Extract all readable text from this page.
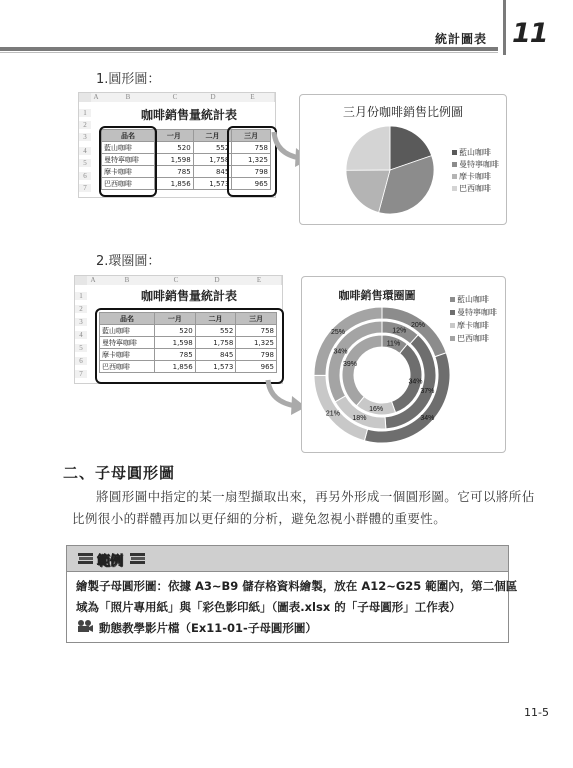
統計圖表 11
1.圓形圖：
A	B	C	D	E
1
2
3
4
5
6
7
咖啡銷售量統計表
品名	一月	二月	三月
藍山咖啡	520	552	758
曼特寧咖啡	1,598	1,758	1,325
摩卡咖啡	785	845	798
巴西咖啡	1,856	1,573	965
三月份咖啡銷售比例圖
藍山咖啡
曼特寧咖啡
摩卡咖啡
巴西咖啡
2.環圈圖：
A	B	C	D	E
1
2
3
4
5
6
7
咖啡銷售量統計表
品名	一月	二月	三月
藍山咖啡	520	552	758
曼特寧咖啡	1,598	1,758	1,325
摩卡咖啡	785	845	798
巴西咖啡	1,856	1,573	965
咖啡銷售環圈圖
20%
34%
21%
25%	12%
37%
18%
34%
11%
34%
16%
39%
藍山咖啡
曼特寧咖啡
摩卡咖啡
巴西咖啡
二、子母圓形圖
將圓形圖中指定的某一扇型擷取出來，再另外形成一個圓形圖。它可以將所佔
比例很小的群體再加以更仔細的分析，避免忽視小群體的重要性。
範例
繪製子母圓形圖：依據 A3~B9 儲存格資料繪製，放在 A12~G25 範圍內，第二個區
域為「照片專用紙」與「彩色影印紙」（圖表.xlsx 的「子母圓形」工作表）
動態教學影片檔（Ex11-01-子母圓形圖）
11-5
